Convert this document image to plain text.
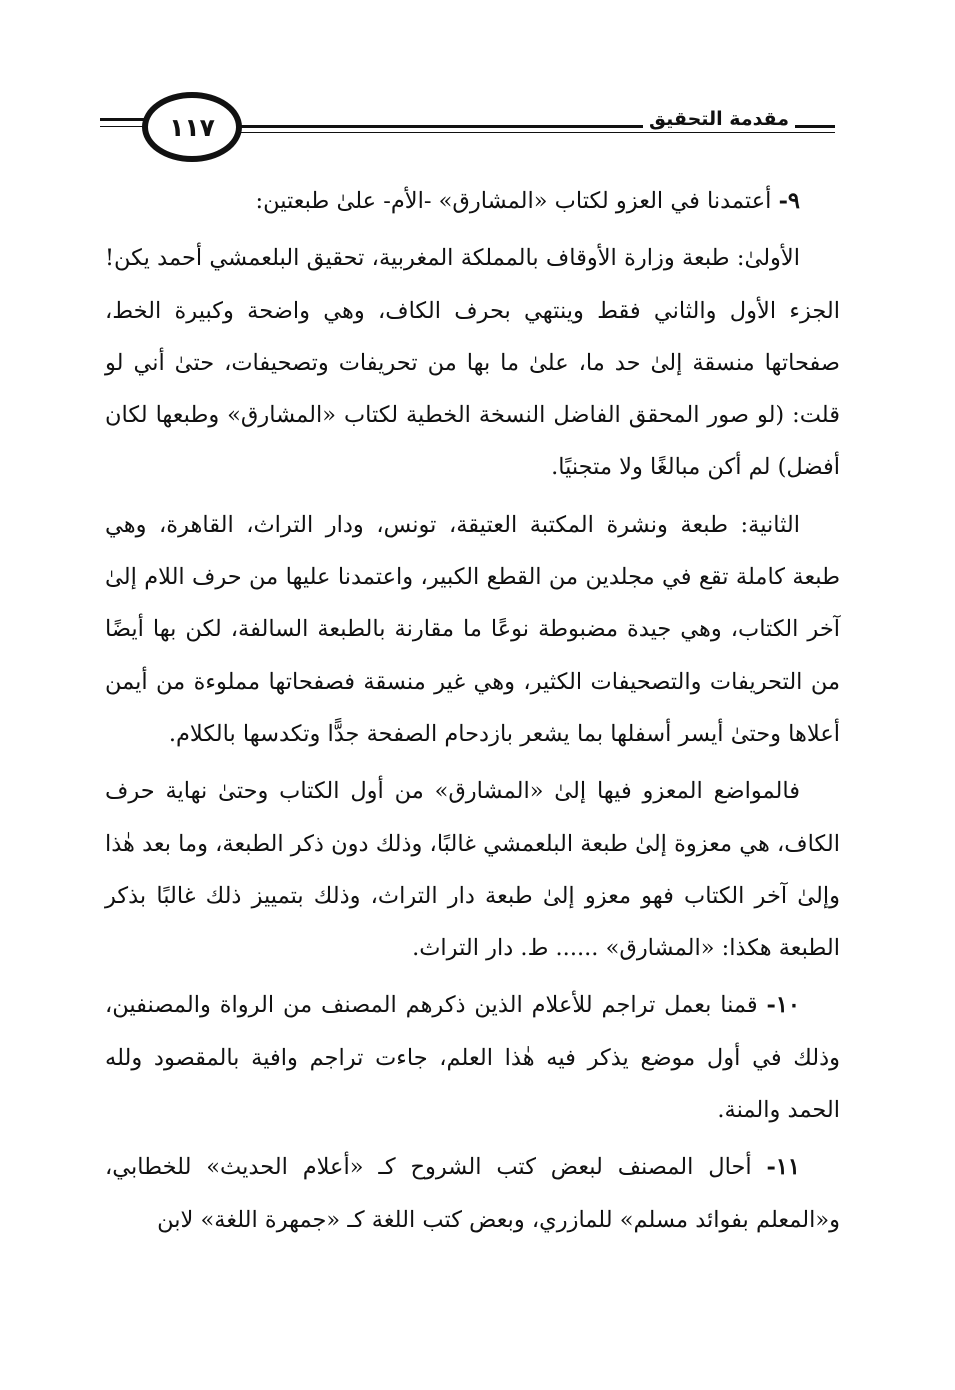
١١٧	مقدمة التحقيق

٩- أعتمدنا في العزو لكتاب «المشارق» -الأم- علىٰ طبعتين:

الأولىٰ: طبعة وزارة الأوقاف بالمملكة المغربية، تحقيق البلعمشي أحمد يكن! الجزء الأول والثاني فقط وينتهي بحرف الكاف، وهي واضحة وكبيرة الخط، صفحاتها منسقة إلىٰ حد ما، علىٰ ما بها من تحريفات وتصحيفات، حتىٰ أني لو قلت: (لو صور المحقق الفاضل النسخة الخطية لكتاب «المشارق» وطبعها لكان أفضل) لم أكن مبالغًا ولا متجنيًا.

الثانية: طبعة ونشرة المكتبة العتيقة، تونس، ودار التراث، القاهرة، وهي طبعة كاملة تقع في مجلدين من القطع الكبير، واعتمدنا عليها من حرف اللام إلىٰ آخر الكتاب، وهي جيدة مضبوطة نوعًا ما مقارنة بالطبعة السالفة، لكن بها أيضًا من التحريفات والتصحيفات الكثير، وهي غير منسقة فصفحاتها مملوءة من أيمن أعلاها وحتىٰ أيسر أسفلها بما يشعر بازدحام الصفحة جدًّا وتكدسها بالكلام.

فالمواضع المعزو فيها إلىٰ «المشارق» من أول الكتاب وحتىٰ نهاية حرف الكاف، هي معزوة إلىٰ طبعة البلعمشي غالبًا، وذلك دون ذكر الطبعة، وما بعد هٰذا وإلىٰ آخر الكتاب فهو معزو إلىٰ طبعة دار التراث، وذلك بتمييز ذلك غالبًا بذكر الطبعة هكذا: «المشارق» ...... ط. دار التراث.

١٠- قمنا بعمل تراجم للأعلام الذين ذكرهم المصنف من الرواة والمصنفين، وذلك في أول موضع يذكر فيه هٰذا العلم، جاءت تراجم وافية بالمقصود ولله الحمد والمنة.

١١- أحال المصنف لبعض كتب الشروح كـ «أعلام الحديث» للخطابي، و«المعلم بفوائد مسلم» للمازري، وبعض كتب اللغة كـ «جمهرة اللغة» لابن
